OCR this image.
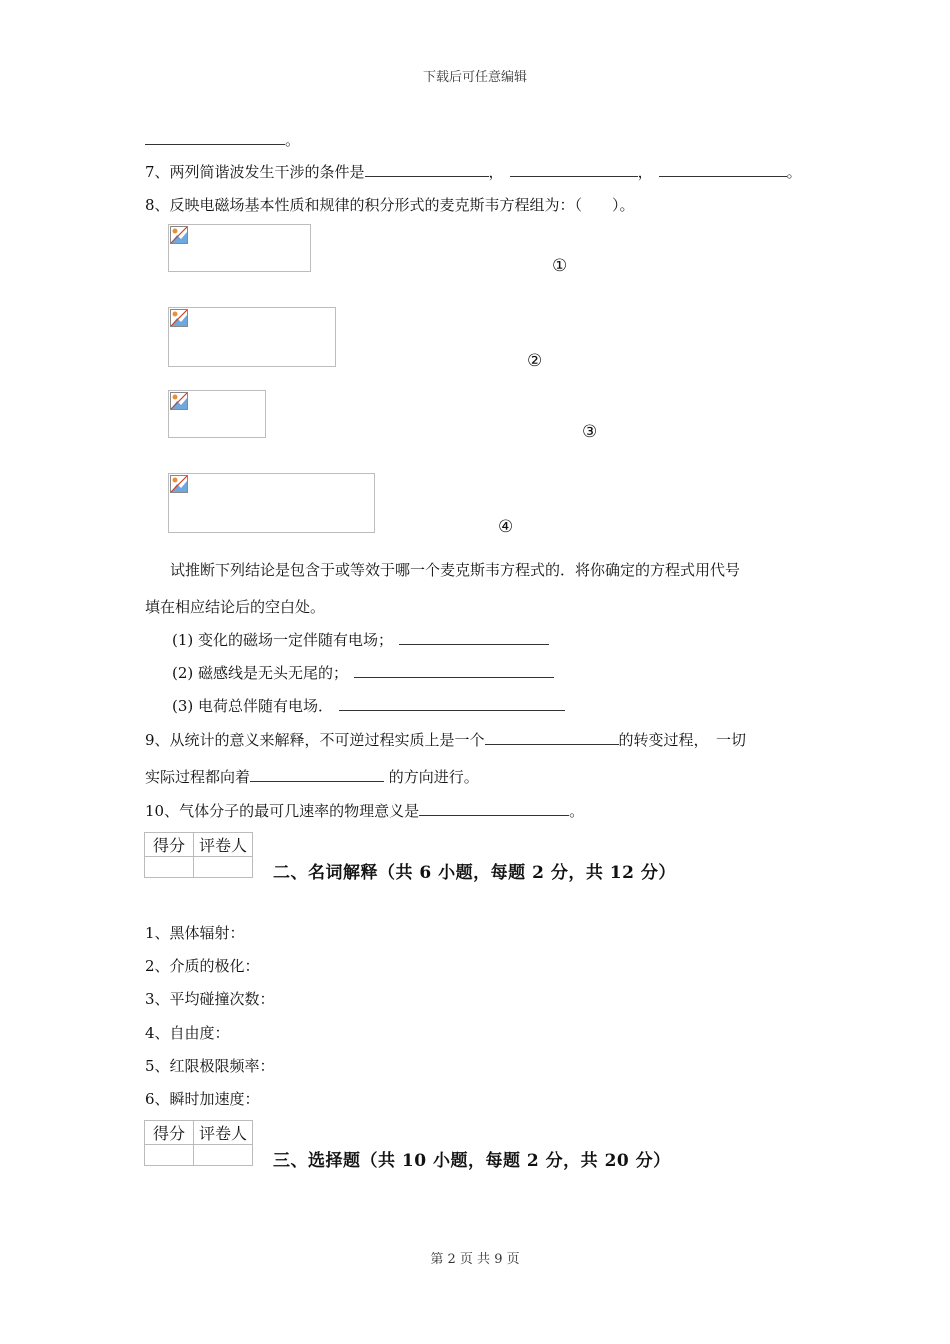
下载后可任意编辑
。
7、两列简谐波发生干涉的条件是	，	，	。
8、反映电磁场基本性质和规律的积分形式的麦克斯韦方程组为：（　　）。
①
②
③
④
试推断下列结论是包含于或等效于哪一个麦克斯韦方程式的．将你确定的方程式用代号
填在相应结论后的空白处。
(1) 变化的磁场一定伴随有电场；
(2) 磁感线是无头无尾的；
(3) 电荷总伴随有电场．
9、从统计的意义来解释，不可逆过程实质上是一个	的转变过程，　一切
实际过程都向着	的方向进行。
10、气体分子的最可几速率的物理意义是	。
得分	评卷人

二、名词解释（共 6 小题，每题 2 分，共 12 分）
1、黑体辐射：
2、介质的极化：
3、平均碰撞次数：
4、自由度：
5、红限极限频率：
6、瞬时加速度：
得分	评卷人

三、选择题（共 10 小题，每题 2 分，共 20 分）
第 2 页 共 9 页
